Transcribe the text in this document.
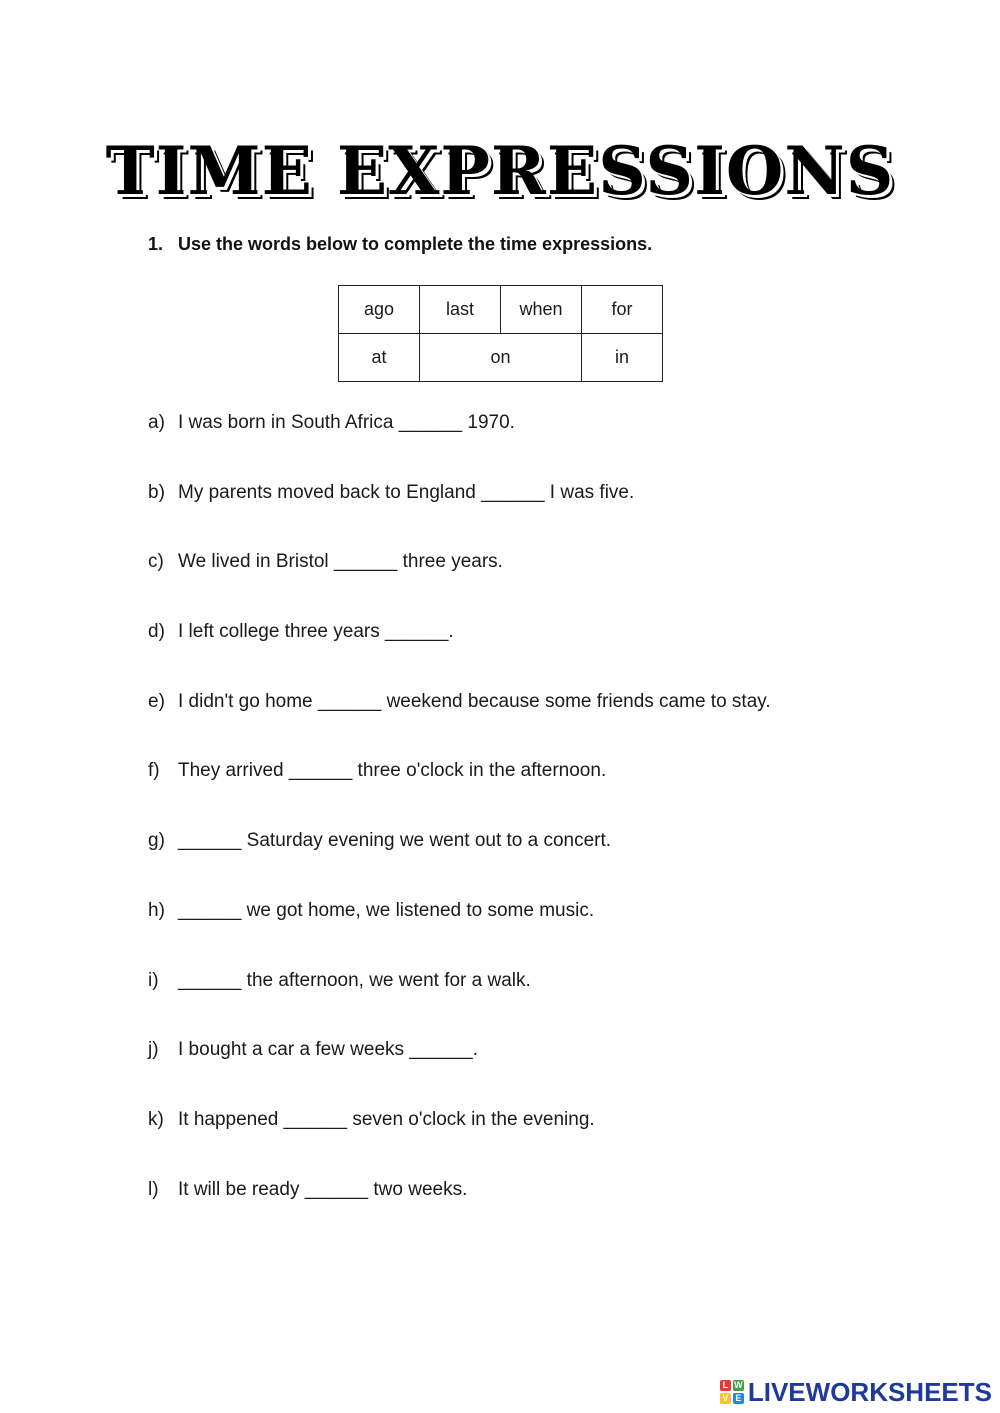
TIME EXPRESSIONS
1. Use the words below to complete the time expressions.
ago	last	when	for
at	on		in
a) I was born in South Africa ______ 1970.
b) My parents moved back to England ______ I was five.
c) We lived in Bristol ______ three years.
d) I left college three years ______.
e) I didn't go home ______ weekend because some friends came to stay.
f) They arrived ______ three o'clock in the afternoon.
g) ______ Saturday evening we went out to a concert.
h) ______ we got home, we listened to some music.
i) ______ the afternoon, we went for a walk.
j) I bought a car a few weeks ______.
k) It happened ______ seven o'clock in the evening.
l) It will be ready ______ two weeks.
L W
V E LIVEWORKSHEETS
